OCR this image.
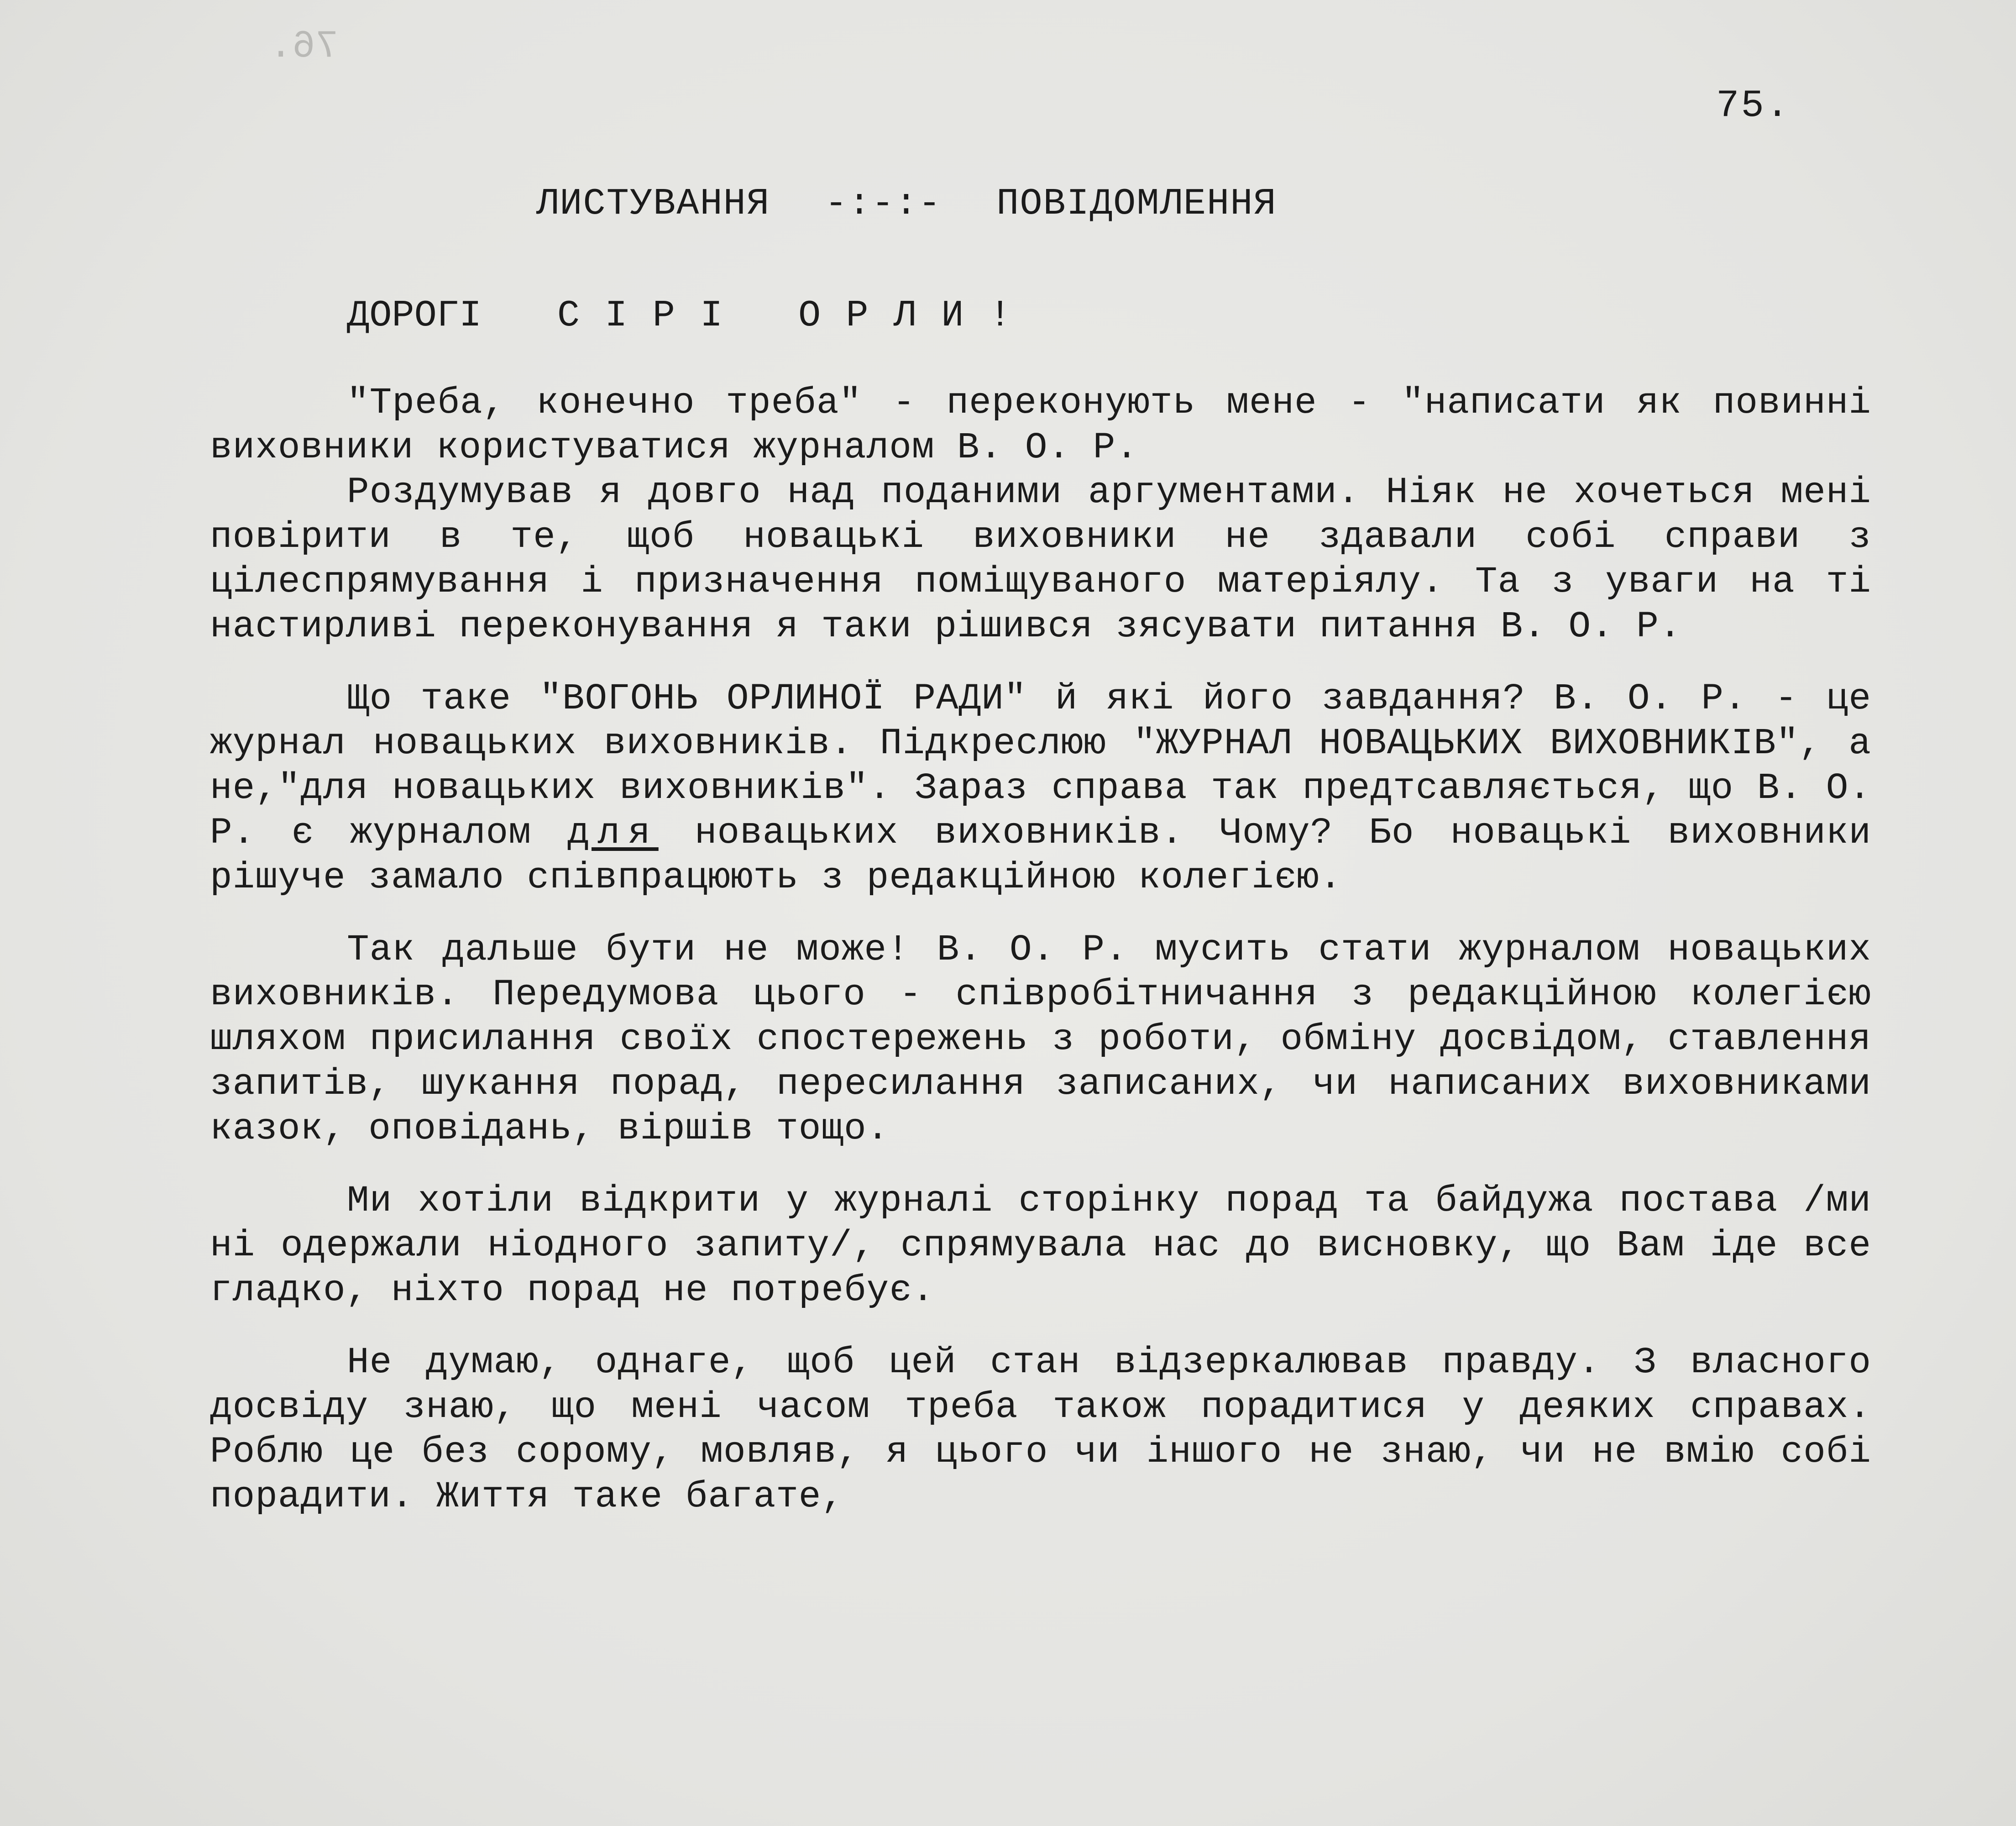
76.
75.
ЛИСТУВАННЯ -:-:- ПОВІДОМЛЕННЯ
ДОРОГІ   С І Р І   О Р Л И !

"Треба, конечно треба" - переконують мене - "написати як повинні виховники користуватися журналом В. О. Р.

Роздумував я довго над поданими аргументами. Ніяк не хочеться мені повірити в те, щоб новацькі виховники не здавали собі справи з цілеспрямування і призначення поміщуваного матеріялу. Та з уваги на ті настирливі переконування я таки рішився зясувати питання В. О. Р.

Що таке "ВОГОНЬ ОРЛИНОЇ РАДИ" й які його завдання? В. О. Р. - це журнал новацьких виховників. Підкреслюю "ЖУРНАЛ НОВАЦЬКИХ ВИХОВНИКІВ", а не,"для новацьких виховників". Зараз справа так предтсавляється, що В. О. Р. є журналом для новацьких виховників. Чому? Бо новацькі виховники рішуче замало співпрацюють з редакційною колегією.

Так дальше бути не може! В. О. Р. мусить стати журналом новацьких виховників. Передумова цього - співробітничання з редакційною колегією шляхом присилання своїх спостережень з роботи, обміну досвідом, ставлення запитів, шукання порад, пересилання записаних, чи написаних виховниками казок, оповідань, віршів тощо.

Ми хотіли відкрити у журналі сторінку порад та байдужа постава /ми ні одержали ніодного запиту/, спрямувала нас до висновку, що Вам іде все гладко, ніхто порад не потребує.

Не думаю, однаге, щоб цей стан відзеркалював правду. З власного досвіду знаю, що мені часом треба також порадитися у деяких справах. Роблю це без сорому, мовляв, я цього чи іншого не знаю, чи не вмію собі порадити. Життя таке багате,
